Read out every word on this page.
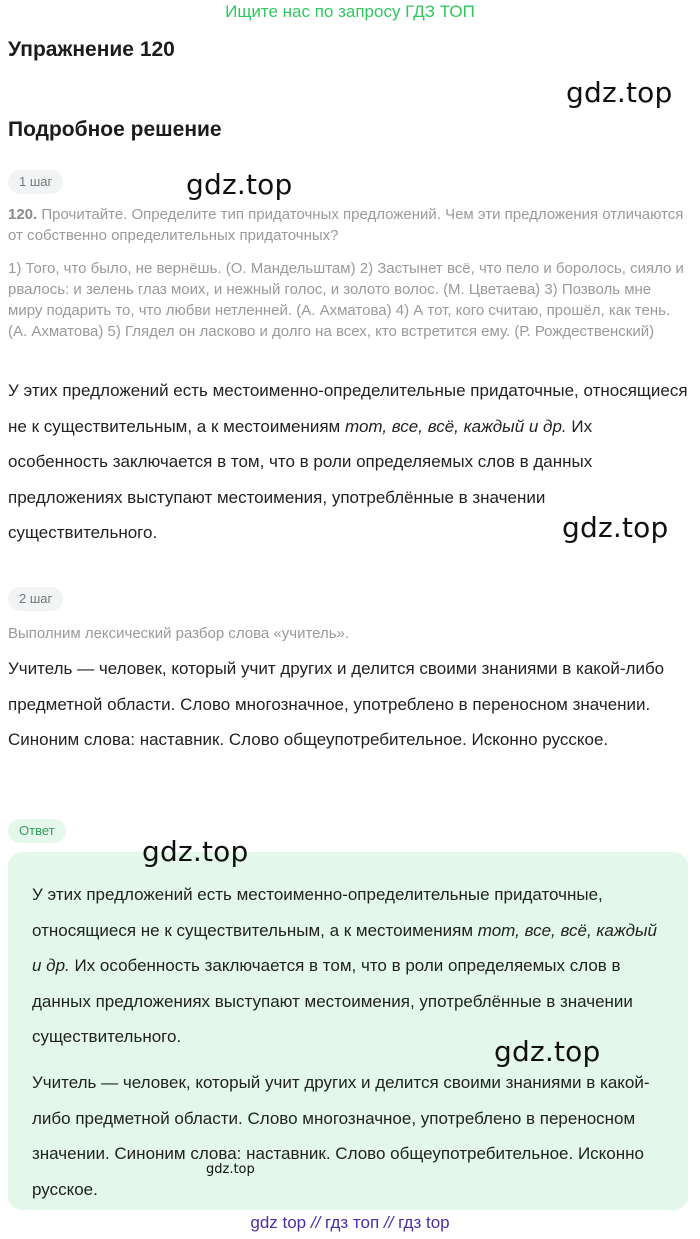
Ищите нас по запросу ГДЗ ТОП
Упражнение 120
gdz.top
Подробное решение
1 шаг	gdz.top

120. Прочитайте. Определите тип придаточных предложений. Чем эти предложения отличаются от собственно определительных придаточных?

1) Того, что было, не вернёшь. (О. Мандельштам) 2) Застынет всё, что пело и боролось, сияло и рвалось: и зелень глаз моих, и нежный голос, и золото волос. (М. Цветаева) 3) Позволь мне миру подарить то, что любви нетленней. (А. Ахматова) 4) А тот, кого считаю, прошёл, как тень. (А. Ахматова) 5) Глядел он ласково и долго на всех, кто встретится ему. (Р. Рождественский)

У этих предложений есть местоименно-определительные придаточные, относящиеся не к существительным, а к местоимениям тот, все, всё, каждый и др. Их особенность заключается в том, что в роли определяемых слов в данных предложениях выступают местоимения, употреблённые в значении существительного.	gdz.top
2 шаг

Выполним лексический разбор слова «учитель».

Учитель — человек, который учит других и делится своими знаниями в какой-либо предметной области. Слово многозначное, употреблено в переносном значении. Синоним слова: наставник. Слово общеупотребительное. Исконно русское.

Ответ

У этих предложений есть местоименно-определительные придаточные, относящиеся не к существительным, а к местоимениям тот, все, всё, каждый и др. Их особенность заключается в том, что в роли определяемых слов в данных предложениях выступают местоимения, употреблённые в значении существительного.

Учитель — человек, который учит других и делится своими знаниями в какой-либо предметной области. Слово многозначное, употреблено в переносном значении. Синоним слова: наставник. Слово общеупотребительное. Исконно русское.

gdz.top
gdz.top
gdz.top
gdz top // гдз топ // гдз top
